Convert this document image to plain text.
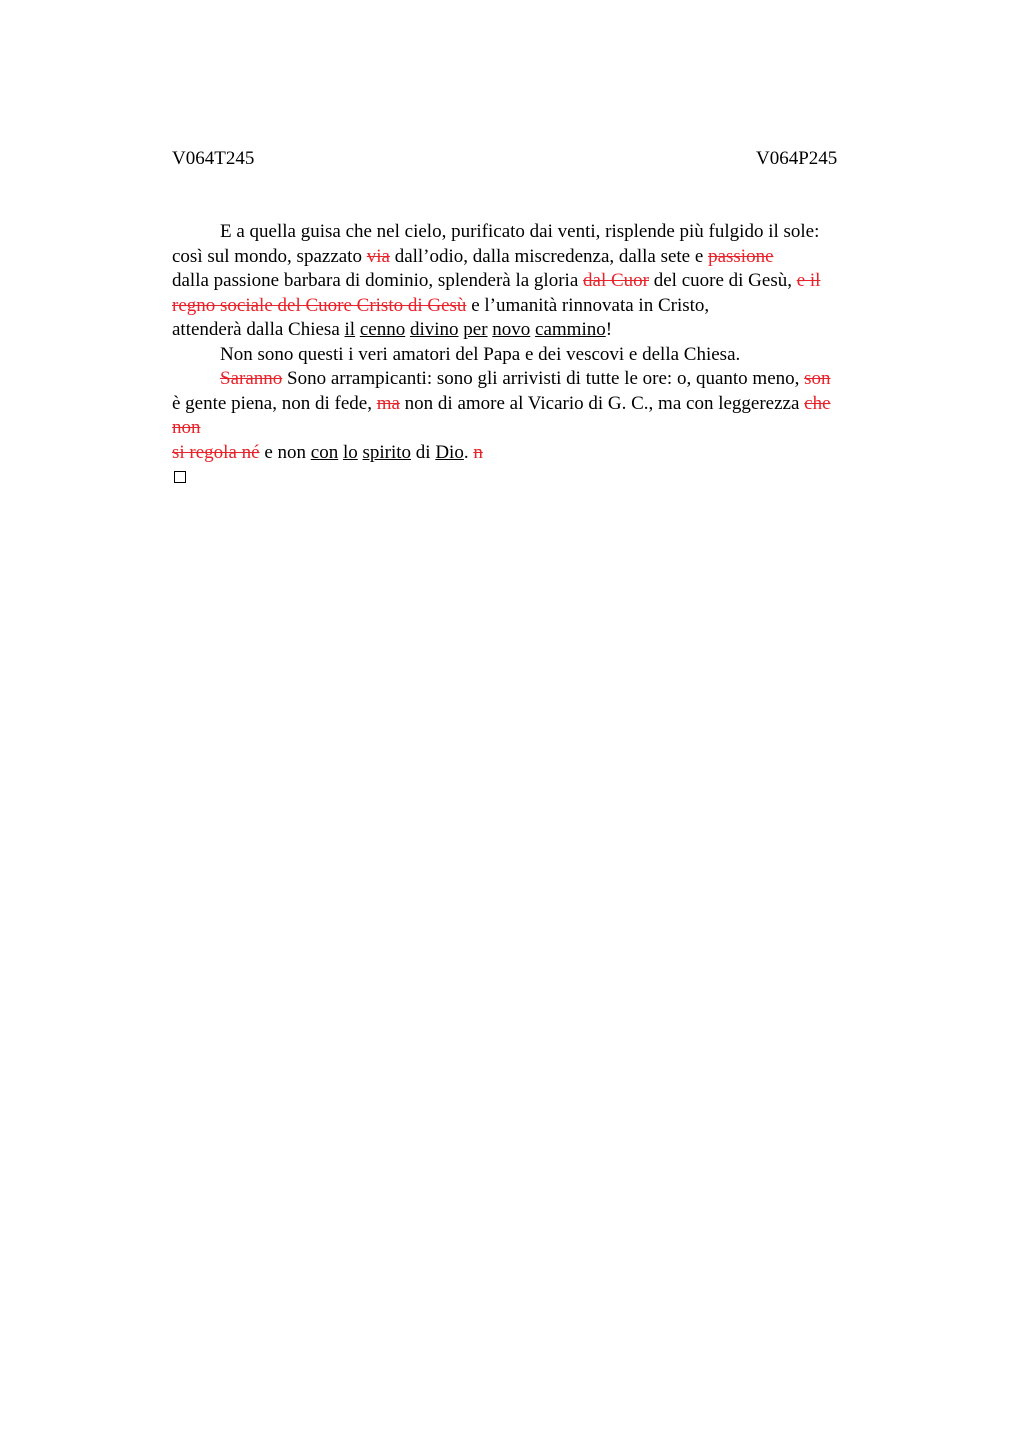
V064T245	V064P245
E a quella guisa che nel cielo, purificato dai venti, risplende più fulgido il sole:
così sul mondo, spazzato via dall’odio, dalla miscredenza, dalla sete e passione
dalla passione barbara di dominio, splenderà la gloria dal Cuor del cuore di Gesù, e il
regno sociale del Cuore Cristo di Gesù e l’umanità rinnovata in Cristo,
attenderà dalla Chiesa il cenno divino per novo cammino!
Non sono questi i veri amatori del Papa e dei vescovi e della Chiesa.
Saranno Sono arrampicanti: sono gli arrivisti di tutte le ore: o, quanto meno, son
è gente piena, non di fede, ma non di amore al Vicario di G. C., ma con leggerezza che
non
si regola né e non con lo spirito di Dio. n
